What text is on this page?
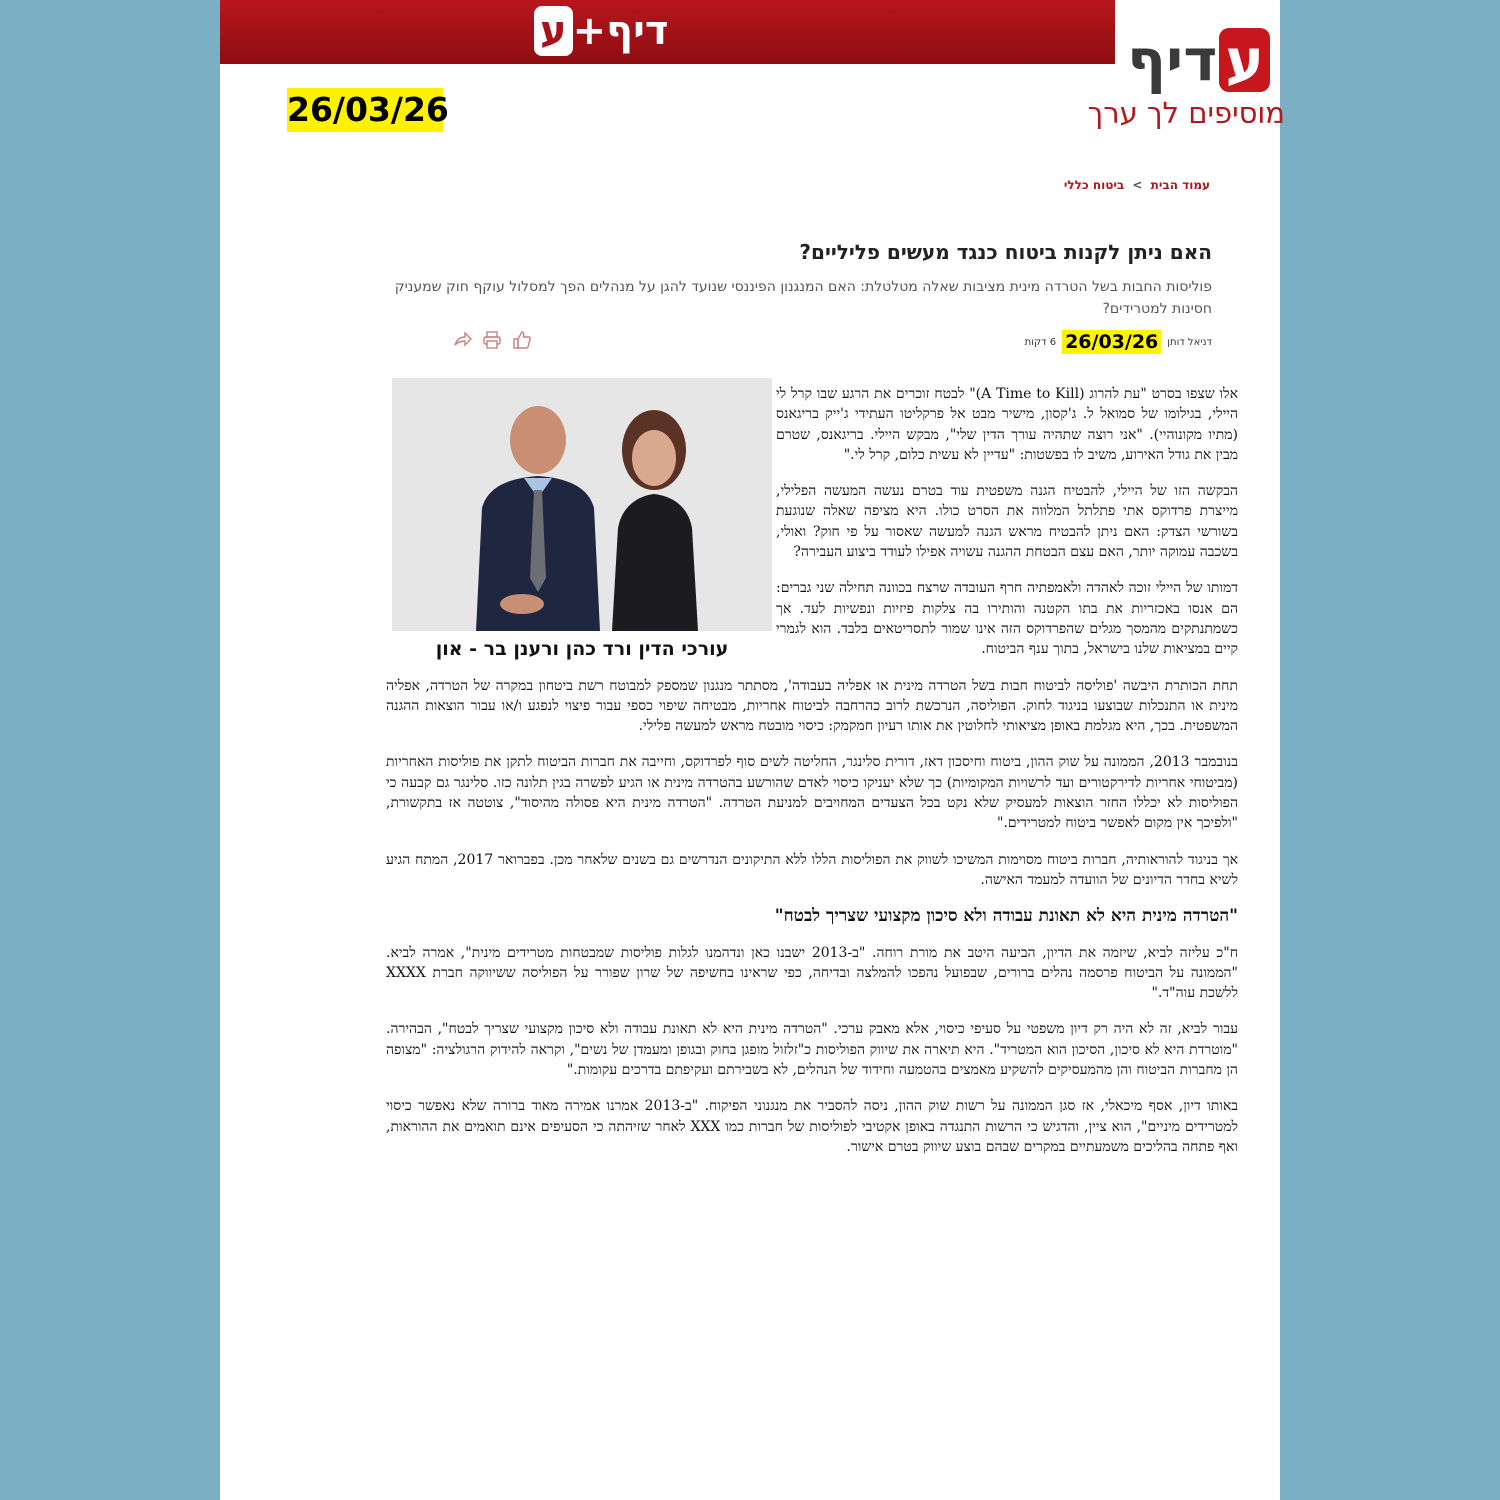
דיף+
ע	ע
דיף
מוסיפים לך ערך
26/03/26
עמוד הבית > ביטוח כללי
האם ניתן לקנות ביטוח כנגד מעשים פליליים?

פוליסות החבות בשל הטרדה מינית מציבות שאלה מטלטלת: האם המנגנון הפיננסי שנועד להגן על מנהלים הפך למסלול עוקף חוק שמעניק חסינות למטרידים?

דניאל דותן
26/03/26
6 דקות
עורכי הדין ורד כהן ורענן בר - און

אלו שצפו בסרט "עת להרוג (A Time to Kill)" לבטח זוכרים את הרגע שבו קרל לי היילי, בגילומו של סמואל ל. ג'קסון, מישיר מבט אל פרקליטו העתידי ג'ייק בריגאנס (מתיו מקונוהיי). "אני רוצה שתהיה עורך הדין שלי", מבקש היילי. בריגאנס, שטרם מבין את גודל האירוע, משיב לו בפשטות: "עדיין לא עשית כלום, קרל לי."

הבקשה הזו של היילי, להבטיח הגנה משפטית עוד בטרם נעשה המעשה הפלילי, מייצרת פרדוקס אתי פתלתל המלווה את הסרט כולו. היא מציפה שאלה שנוגעת בשורשי הצדק: האם ניתן להבטיח מראש הגנה למעשה שאסור על פי חוק? ואולי, בשכבה עמוקה יותר, האם עצם הבטחת ההגנה עשויה אפילו לעודד ביצוע העבירה?

דמותו של היילי זוכה לאהדה ולאמפתיה חרף העובדה שרצח בכוונה תחילה שני גברים: הם אנסו באכזריות את בתו הקטנה והותירו בה צלקות פיזיות ונפשיות לעד. אך כשמתנתקים מהמסך מגלים שהפרדוקס הזה אינו שמור לתסריטאים בלבד. הוא לגמרי קיים במציאות שלנו בישראל, בתוך ענף הביטוח.

תחת הכותרת היבשה 'פוליסה לביטוח חבות בשל הטרדה מינית או אפליה בעבודה', מסתתר מנגנון שמספק למבוטח רשת ביטחון במקרה של הטרדה, אפליה מינית או התנכלות שבוצעו בניגוד לחוק. הפוליסה, הנרכשת לרוב כהרחבה לביטוח אחריות, מבטיחה שיפוי כספי עבור פיצוי לנפגע ו/או עבור הוצאות ההגנה המשפטית. בכך, היא מגלמת באופן מציאותי לחלוטין את אותו רעיון חמקמק: כיסוי מובטח מראש למעשה פלילי.

בנובמבר 2013, הממונה על שוק ההון, ביטוח וחיסכון דאז, דורית סלינגר, החליטה לשים סוף לפרדוקס, וחייבה את חברות הביטוח לתקן את פוליסות האחריות (מביטוחי אחריות לדירקטורים ועד לרשויות המקומיות) כך שלא יעניקו כיסוי לאדם שהורשע בהטרדה מינית או הגיע לפשרה בגין תלונה כזו. סלינגר גם קבעה כי הפוליסות לא יכללו החזר הוצאות למעסיק שלא נקט בכל הצעדים המחויבים למניעת הטרדה. "הטרדה מינית היא פסולה מהיסוד", צוטטה אז בתקשורת, "ולפיכך אין מקום לאפשר ביטוח למטרידים."

אך בניגוד להוראותיה, חברות ביטוח מסוימות המשיכו לשווק את הפוליסות הללו ללא התיקונים הנדרשים גם בשנים שלאחר מכן. בפברואר 2017, המתח הגיע לשיא בחדר הדיונים של הוועדה למעמד האישה.

"הטרדה מינית היא לא תאונת עבודה ולא סיכון מקצועי שצריך לבטח"

ח"כ עליזה לביא, שיזמה את הדיון, הביעה היטב את מורת רוחה. "ב-2013 ישבנו כאן ונדהמנו לגלות פוליסות שמבטחות מטרידים מינית", אמרה לביא. "הממונה על הביטוח פרסמה נהלים ברורים, שבפועל נהפכו להמלצה ובדיחה, כפי שראינו בחשיפה של שרון שפורר על הפוליסה ששיווקה חברת XXXX ללשכת עוה"ד."

עבור לביא, זה לא היה רק דיון משפטי על סעיפי כיסוי, אלא מאבק ערכי. "הטרדה מינית היא לא תאונת עבודה ולא סיכון מקצועי שצריך לבטח", הבהירה. "מוטרדת היא לא סיכון, הסיכון הוא המטריד". היא תיארה את שיווק הפוליסות כ"זלזול מופגן בחוק ובגופן ומעמדן של נשים", וקראה להידוק הרגולציה: "מצופה הן מחברות הביטוח והן מהמעסיקים להשקיע מאמצים בהטמעה וחידוד של הנהלים, לא בשבירתם ועקיפתם בדרכים עקומות."

באותו דיון, אסף מיכאלי, אז סגן הממונה על רשות שוק ההון, ניסה להסביר את מנגנוני הפיקוח. "ב-2013 אמרנו אמירה מאוד ברורה שלא נאפשר כיסוי למטרידים מיניים", הוא ציין, והדגיש כי הרשות התנגדה באופן אקטיבי לפוליסות של חברות כמו XXX לאחר שזיהתה כי הסעיפים אינם תואמים את ההוראות, ואף פתחה בהליכים משמעתיים במקרים שבהם בוצע שיווק בטרם אישור.
